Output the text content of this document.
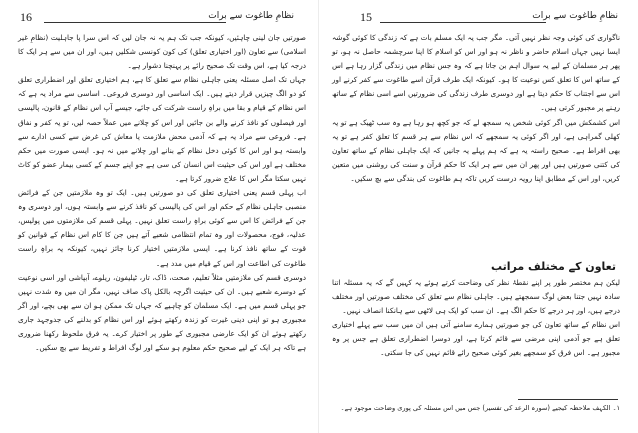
16	نظامِ طاغوت سے برات

صورتیں جان لینی چاہئیں، کیونکہ جب تک ہم یہ نہ جان لیں کہ اس سرا پا جاہلیت (نظامِ غیر اسلامی) سے تعاون (اور اختیاری تعلق) کی کون کونسی شکلیں ہیں، اور ان میں سے ہر ایک کا درجہ کیا ہے، اس وقت تک صحیح رائے پر پہنچنا دشوار ہے۔

جہاں تک اصل مسئلہ یعنی جاہلی نظام سے تعلق کا ہے، ہم اختیاری تعلق اور اضطراری تعلق کو دو الگ چیزیں قرار دیتے ہیں۔ ایک اساسی اور دوسری فروعی۔ اساسی سے مراد یہ ہے کہ اس نظام کے قیام و بقا میں براہِ راست شرکت کی جائے، جیسے آپ اس نظام کے قانون، پالیسی اور فیصلوں کو نافذ کرنے والے بن جائیں اور اس کو چلانے میں عملاً حصہ لیں، تو یہ کفر و نفاق ہے۔ فروعی سے مراد یہ ہے کہ آدمی محض ملازمت یا معاش کی غرض سے کسی ادارے سے وابستہ ہو اور اس کا کوئی دخل نظام کے بنانے اور چلانے میں نہ ہو۔ ایسی صورت میں حکم مختلف ہے اور اس کی حیثیت اس انسان کی سی ہے جو اپنے جسم کے کسی بیمار عضو کو کاٹ نہیں سکتا مگر اس کا علاج ضرور کرتا ہے۔

اب پہلی قسم یعنی اختیاری تعلق کی دو صورتیں ہیں۔ ایک تو وہ ملازمتیں جن کے فرائض منصبی جاہلی نظام کے حکم اور اس کی پالیسی کو نافذ کرنے سے وابستہ ہوں، اور دوسری وہ جن کے فرائض کا اس سے کوئی براہِ راست تعلق نہیں۔ پہلی قسم کی ملازمتوں میں پولیس، عدلیہ، فوج، محصولات اور وہ تمام انتظامی شعبے آتے ہیں جن کا کام اس نظام کے قوانین کو قوت کے ساتھ نافذ کرنا ہے۔ ایسی ملازمتیں اختیار کرنا جائز نہیں، کیونکہ یہ براہِ راست طاغوت کی اطاعت اور اس کے قیام میں مدد ہے۔

دوسری قسم کی ملازمتیں مثلاً تعلیم، صحت، ڈاک، تار، ٹیلیفون، ریلوے، آبپاشی اور اسی نوعیت کے دوسرے شعبے ہیں۔ ان کی حیثیت اگرچہ بالکل پاک صاف نہیں، مگر ان میں وہ شدت نہیں جو پہلی قسم میں ہے۔ ایک مسلمان کو چاہیے کہ جہاں تک ممکن ہو ان سے بھی بچے، اور اگر مجبوری ہو تو اپنی دینی غیرت کو زندہ رکھتے ہوئے اور اس نظام کو بدلنے کی جدوجہد جاری رکھتے ہوئے ان کو ایک عارضی مجبوری کے طور پر اختیار کرے۔ یہ فرق ملحوظ رکھنا ضروری ہے تاکہ ہر ایک کے لیے صحیح حکم معلوم ہو سکے اور لوگ افراط و تفریط سے بچ سکیں۔

15	نظامِ طاغوت سے برات

ناگواری کی کوئی وجہ نظر نہیں آتی۔ مگر جب یہ ایک مسلم بات ہے کہ زندگی کا کوئی گوشہ ایسا نہیں جہاں اسلام حاضر و ناظر نہ ہو اور اس کو اسلام کا اپنا سرچشمہ حاصل نہ ہو، تو پھر ہر مسلمان کے لیے یہ سوال اہم بن جاتا ہے کہ وہ جس نظام میں زندگی گزار رہا ہے اس کے ساتھ اس کا تعلق کس نوعیت کا ہو۔ کیونکہ ایک طرف قرآن اسے طاغوت سے کفر کرنے اور اس سے اجتناب کا حکم دیتا ہے اور دوسری طرف زندگی کی ضرورتیں اسے اسی نظام کے ساتھ رہنے پر مجبور کرتی ہیں۔

اس کشمکش میں اگر کوئی شخص یہ سمجھ لے کہ جو کچھ ہو رہا ہے وہ سب ٹھیک ہے تو یہ کھلی گمراہی ہے، اور اگر کوئی یہ سمجھے کہ اس نظام سے ہر قسم کا تعلق کفر ہے تو یہ بھی افراط ہے۔ صحیح راستہ یہ ہے کہ ہم پہلے یہ جانیں کہ ایک جاہلی نظام کے ساتھ تعاون کی کتنی صورتیں ہیں اور پھر ان میں سے ہر ایک کا حکم قرآن و سنت کی روشنی میں متعین کریں، اور اس کے مطابق اپنا رویہ درست کریں تاکہ ہم طاغوت کی بندگی سے بچ سکیں۔

تعاون کے مختلف مراتب

لیکن ہم مختصر طور پر اپنے نقطۂ نظر کی وضاحت کرتے ہوئے یہ کہیں گے کہ یہ مسئلہ اتنا سادہ نہیں جتنا بعض لوگ سمجھتے ہیں۔ جاہلی نظام سے تعلق کی مختلف صورتیں اور مختلف درجے ہیں، اور ہر درجے کا حکم الگ ہے۔ ان سب کو ایک ہی لاٹھی سے ہانکنا انصاف نہیں۔

اس نظام کے ساتھ تعاون کی جو صورتیں ہمارے سامنے آتی ہیں ان میں سب سے پہلے اختیاری تعلق ہے جو آدمی اپنی مرضی سے قائم کرتا ہے، اور دوسرا اضطراری تعلق ہے جس پر وہ مجبور ہے۔ اس فرق کو سمجھے بغیر کوئی صحیح رائے قائم نہیں کی جا سکتی۔

۱۔ الکہف ملاحظہ کیجیے (سورہ الرعد کی تفسیر) جس میں اس مسئلہ کی پوری وضاحت موجود ہے۔
